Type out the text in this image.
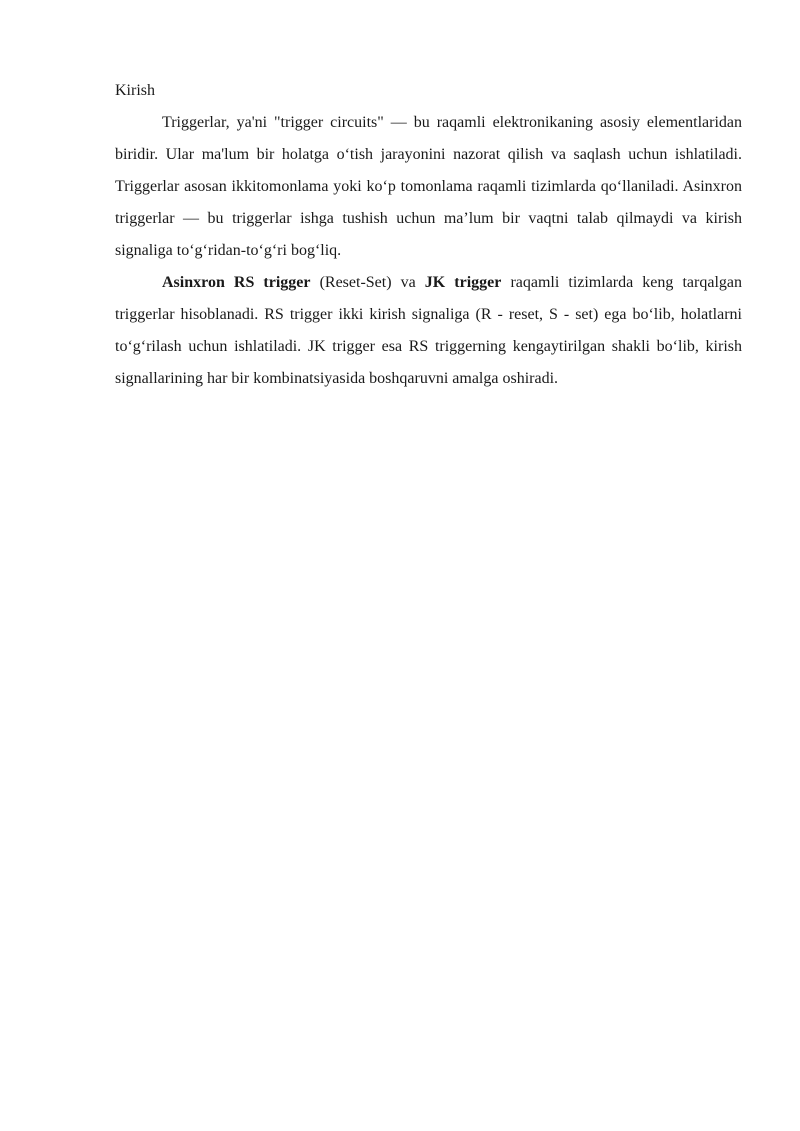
Kirish

Triggerlar, ya'ni "trigger circuits" — bu raqamli elektronikaning asosiy elementlaridan biridir. Ular ma'lum bir holatga o‘tish jarayonini nazorat qilish va saqlash uchun ishlatiladi. Triggerlar asosan ikkitomonlama yoki ko‘p tomonlama raqamli tizimlarda qo‘llaniladi. Asinxron triggerlar — bu triggerlar ishga tushish uchun ma’lum bir vaqtni talab qilmaydi va kirish signaliga to‘g‘ridan-to‘g‘ri bog‘liq.

Asinxron RS trigger (Reset-Set) va JK trigger raqamli tizimlarda keng tarqalgan triggerlar hisoblanadi. RS trigger ikki kirish signaliga (R - reset, S - set) ega bo‘lib, holatlarni to‘g‘rilash uchun ishlatiladi. JK trigger esa RS triggerning kengaytirilgan shakli bo‘lib, kirish signallarining har bir kombinatsiyasida boshqaruvni amalga oshiradi.
